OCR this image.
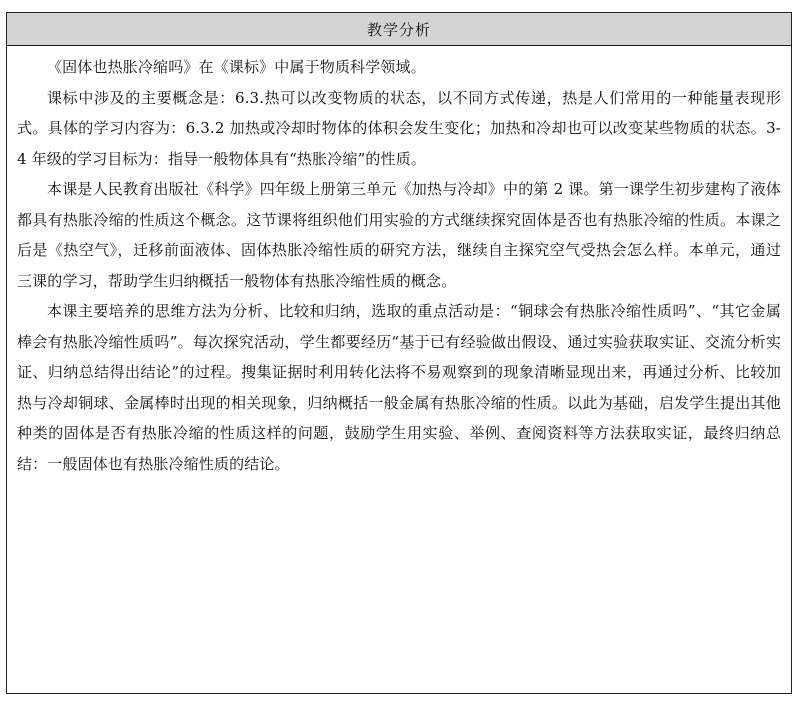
教学分析

《固体也热胀冷缩吗》在《课标》中属于物质科学领域。

课标中涉及的主要概念是：6.3.热可以改变物质的状态，以不同方式传递，热是人们常用的一种能量表现形式。具体的学习内容为：6.3.2 加热或冷却时物体的体积会发生变化；加热和冷却也可以改变某些物质的状态。3-4 年级的学习目标为：指导一般物体具有“热胀冷缩”的性质。

本课是人民教育出版社《科学》四年级上册第三单元《加热与冷却》中的第 2 课。第一课学生初步建构了液体都具有热胀冷缩的性质这个概念。这节课将组织他们用实验的方式继续探究固体是否也有热胀冷缩的性质。本课之后是《热空气》，迁移前面液体、固体热胀冷缩性质的研究方法，继续自主探究空气受热会怎么样。本单元，通过三课的学习，帮助学生归纳概括一般物体有热胀冷缩性质的概念。

本课主要培养的思维方法为分析、比较和归纳，选取的重点活动是：“铜球会有热胀冷缩性质吗”、“其它金属棒会有热胀冷缩性质吗”。每次探究活动，学生都要经历“基于已有经验做出假设、通过实验获取实证、交流分析实证、归纳总结得出结论”的过程。搜集证据时利用转化法将不易观察到的现象清晰显现出来，再通过分析、比较加热与冷却铜球、金属棒时出现的相关现象，归纳概括一般金属有热胀冷缩的性质。以此为基础，启发学生提出其他种类的固体是否有热胀冷缩的性质这样的问题，鼓励学生用实验、举例、查阅资料等方法获取实证，最终归纳总结：一般固体也有热胀冷缩性质的结论。
